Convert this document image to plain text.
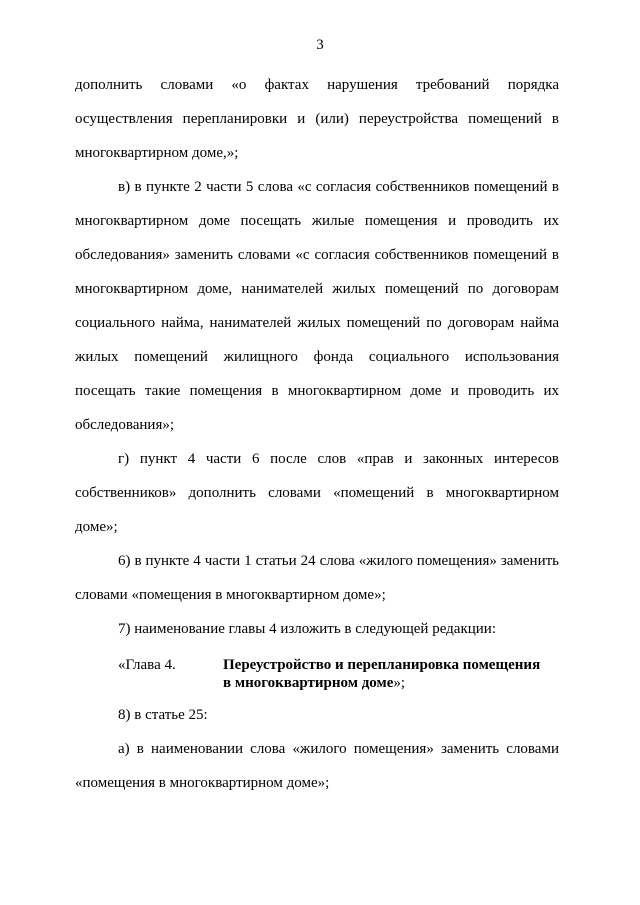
3

дополнить словами «о фактах нарушения требований порядка осуществления перепланировки и (или) переустройства помещений в многоквартирном доме,»;

в) в пункте 2 части 5 слова «с согласия собственников помещений в многоквартирном доме посещать жилые помещения и проводить их обследования» заменить словами «с согласия собственников помещений в многоквартирном доме, нанимателей жилых помещений по договорам социального найма, нанимателей жилых помещений по договорам найма жилых помещений жилищного фонда социального использования посещать такие помещения в многоквартирном доме и проводить их обследования»;

г) пункт 4 части 6 после слов «прав и законных интересов собственников» дополнить словами «помещений в многоквартирном доме»;

6) в пункте 4 части 1 статьи 24 слова «жилого помещения» заменить словами «помещения в многоквартирном доме»;

7) наименование главы 4 изложить в следующей редакции:

«Глава 4.	Переустройство и перепланировка помещения
в многоквартирном доме»;

8) в статье 25:

а) в наименовании слова «жилого помещения» заменить словами «помещения в многоквартирном доме»;
